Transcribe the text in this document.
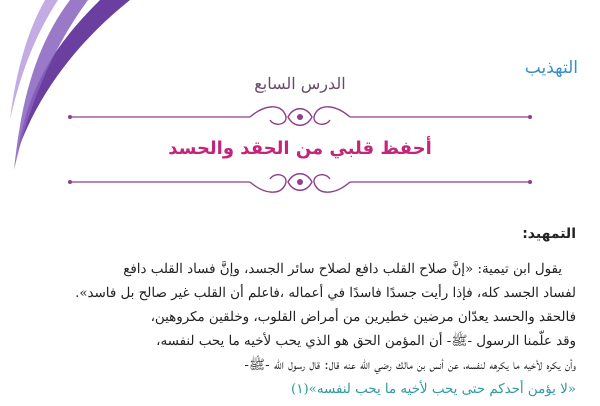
التهذيب
الدرس السابع
أحفظ قلبي من الحقد والحسد
التمهيد:

يقول ابن تيمية: «إنَّ صلاح القلب دافع لصلاح سائر الجسد، وإنَّ فساد القلب دافع

لفساد الجسد كله، فإذا رأيت جسدًا فاسدًا في أعماله ،فاعلم أن القلب غير صالح بل فاسد».

فالحقد والحسد يعدّان مرضين خطيرين من أمراض القلوب، وخلقين مكروهين،

وقد علّمنا الرسول -ﷺ- أن المؤمن الحق هو الذي يحب لأخيه ما يحب لنفسه،

وأن يكره لأخيه ما يكرهه لنفسه، عن أنس بن مالك رضي الله عنه قال: قال رسول الله -ﷺ-

«لا يؤمن أحدكم حتى يحب لأخيه ما يحب لنفسه»(١)
